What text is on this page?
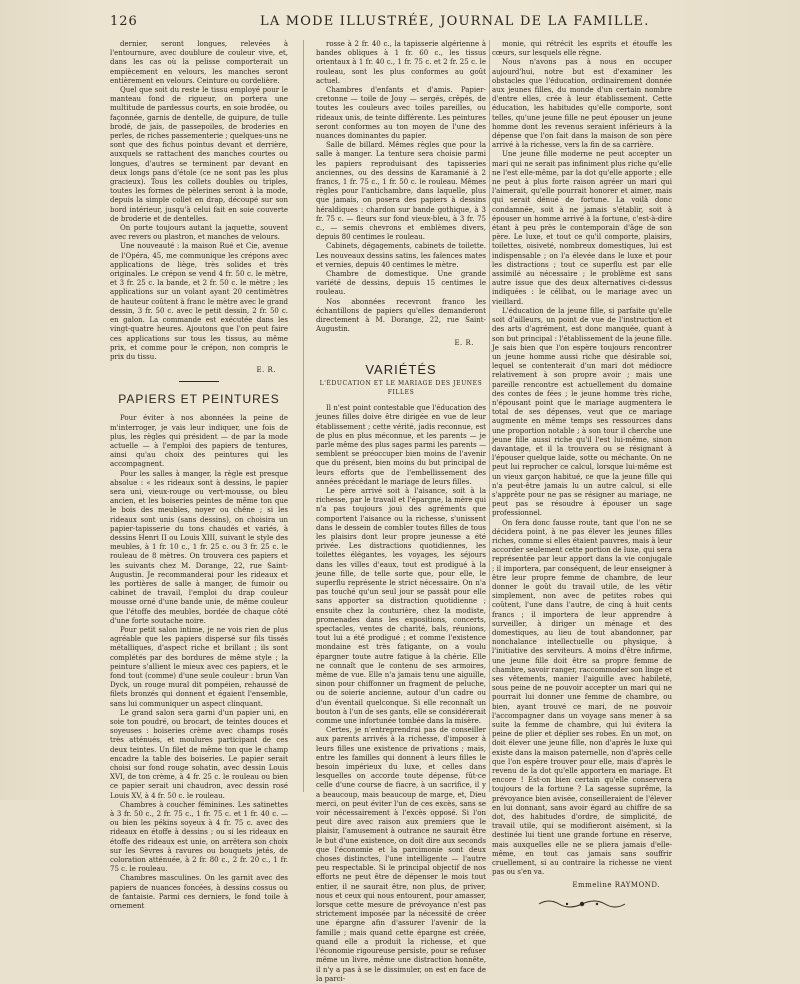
126	LA MODE ILLUSTRÉE, JOURNAL DE LA FAMILLE.

dernier, seront longues, relevées à l'entournure, avec doublure de couleur vive, et, dans les cas où la pelisse comporterait un empiècement en velours, les manches seront entièrement en velours. Ceinture ou cordelière.

Quel que soit du reste le tissu employé pour le manteau fond de rigueur, on portera une multitude de pardessus courts, en soie brodée, ou façonnée, garnis de dentelle, de guipure, de tulle brodé, de jais, de passepoiles, de broderies en perles, de riches passementerie ; quelques-uns ne sont que des fichus pointus devant et derrière, auxquels se rattachent des manches courtes ou longues, d'autres se terminent par devant en deux longs pans d'étole (ce ne sont pas les plus gracieux). Tous les collets doubles ou triples, toutes les formes de pèlerines seront à la mode, depuis la simple collet en drap, découpé sur son bord intérieur, jusqu'à celui fait en soie couverte de broderie et de dentelles.

On porte toujours autant la jaquette, souvent avec revers ou plastron, et manches de velours.

Une nouveauté : la maison Rué et Cie, avenue de l'Opéra, 45, me communique les crépons avec applications de liège, très solides et très originales. Le crépon se vend 4 fr. 50 c. le mètre, et 3 fr. 25 c. la bande, et 2 fr. 50 c. le mètre ; les applications sur un volant ayant 20 centimètres de hauteur coûtent à franc le mètre avec le grand dessin, 3 fr. 50 c. avec le petit dessin, 2 fr. 50 c. en galon. La commande est exécutée dans les vingt-quatre heures. Ajoutons que l'on peut faire ces applications sur tous les tissus, au même prix, et comme pour le crépon, non compris le prix du tissu.

E. R.
PAPIERS ET PEINTURES

Pour éviter à nos abonnées la peine de m'interroger, je vais leur indiquer, une fois de plus, les règles qui président — de par la mode actuelle — à l'emploi des papiers de tentures, ainsi qu'au choix des peintures qui les accompagnent.

Pour les salles à manger, la règle est presque absolue : « les rideaux sont à dessins, le papier sera uni, vieux-rouge ou vert-mousse, ou bleu ancien, et les boiseries peintes de même ton que le bois des meubles, noyer ou chêne ; si les rideaux sont unis (sans dessins), on choisira un papier-tapisserie du tons chaudés et variés, à dessins Henri II ou Louis XIII, suivant le style des meubles, à 1 fr. 10 c., 1 fr. 25 c. ou 3 fr. 25 c. le rouleau de 8 mètres. On trouvera ces papiers et les suivants chez M. Dorange, 22, rue Saint-Augustin. Je recommanderai pour les rideaux et les portières de salle à manger, de fumoir ou cabinet de travail, l'emploi du drap couleur mousse orné d'une bande unie, de même couleur que l'étoffe des meubles, bordée de chaque côté d'une forte soutache noire.

Pour petit salon intime, je ne vois rien de plus agréable que les papiers dispersé sur fils tissés métalliques, d'aspect riche et brillant ; ils sont complétés par des bordures de même style ; la peinture s'allient le mieux avec ces papiers, et le fond tout (comme) d'une seule couleur : brun Van Dyck, un rouge mural dit pompéien, rehaussé de filets bronzés qui donnent et égaient l'ensemble, sans lui communiquer un aspect clinquant.

Le grand salon sera garni d'un papier uni, en soie ton poudré, ou brocart, de teintes douces et soyeuses : boiseries crème avec champs rosés très atténués, et moulures participant de ces deux teintes. Un filet de même ton que le champ encadre la table des boiseries. Le papier serait choisi sur fond rouge sohatin, avec dessin Louis XVI, de ton crème, à 4 fr. 25 c. le rouleau ou bien ce papier serait uni chaudron, avec dessin rosé Louis XV, à 4 fr. 50 c. le rouleau.

Chambres à coucher féminines. Les satinettes à 3 fr. 50 c., 2 fr. 75 c., 1 fr. 75 c. et 1 fr. 40 c. — ou bien les pékins soyeux à 4 fr. 75 c. avec des rideaux en étoffe à dessins ; ou si les rideaux en étoffe des rideaux est unie, on arrêtera son choix sur les Sèvres à ravures ou bouquets jetés, de coloration atténuée, à 2 fr. 80 c., 2 fr. 20 c., 1 fr. 75 c. le rouleau.

Chambres masculines. On les garnit avec des papiers de nuances foncées, à dessins cossus ou de fantaisie. Parmi ces derniers, le fond toile à ornement

rosse à 2 fr. 40 c., la tapisserie algérienne à bandes obliques à 1 fr. 60 c., les tissus orientaux à 1 fr. 40 c., 1 fr. 75 c. et 2 fr. 25 c. le rouleau, sont les plus conformes au goût actuel.

Chambres d'enfants et d'amis. Papier-cretonne — toile de Jouy — sergés, crêpés, de toutes les couleurs avec toiles pareilles, ou rideaux unis, de teinte différente. Les peintures seront conformes au ton moyen de l'une des nuances dominantes du papier.

Salle de billard. Mêmes règles que pour la salle à manger. La tenture sera choisie parmi les papiers reproduisant des tapisseries anciennes, ou des dessins de Karamanié à 2 francs, 1 fr. 75 c., 1 fr. 50 c. le rouleau. Mêmes règles pour l'antichambre, dans laquelle, plus que jamais, on posera des papiers à dessins héraldiques : chardon sur bande gothique, à 3 fr. 75 c. — fleurs sur fond vieux-bleu, à 3 fr. 75 c., — semis chevrons et emblèmes divers, depuis 80 centimes le rouleau.

Cabinets, dégagements, cabinets de toilette. Les nouveaux dessins satins, les faïences mates et vernies, depuis 40 centimes le mètre.

Chambre de domestique. Une grande variété de dessins, depuis 15 centimes le rouleau.

Nos abonnées recevront franco les échantillons de papiers qu'elles demanderont directement à M. Dorange, 22, rue Saint-Augustin.

E. R.
VARIÉTÉS
L'ÉDUCATION ET LE MARIAGE DES JEUNES FILLES

Il n'est point contestable que l'éducation des jeunes filles doive être dirigée en vue de leur établissement ; cette vérité, jadis reconnue, est de plus en plus méconnue, et les parents — je parle même des plus sages parmi les parents — semblent se préoccuper bien moins de l'avenir que du présent, bien moins du but principal de leurs efforts que de l'embellissement des années précédant le mariage de leurs filles.

Le père arrivé soit à l'aisance, soit à la richesse, par le travail et l'épargne, la mère qui n'a pas toujours joui des agréments que comportent l'aisance ou la richesse, s'unissent dans le dessein de combler toutes filles de tous les plaisirs dont leur propre jeunesse a été privée. Les distractions quotidiennes, les toilettes élégantes, les voyages, les séjours dans les villes d'eaux, tout est prodigué à la jeune fille, de telle sorte que, pour elle, le superflu représente le strict nécessaire. On n'a pas touché qu'un seul jour se passât pour elle sans apporter sa distraction quotidienne ; ensuite chez la couturière, chez la modiste, promenades dans les expositions, concerts, spectacles, ventes de charité, bals, réunions, tout lui a été prodigué ; et comme l'existence mondaine est très fatigante, on a voulu épargner toute autre fatigue à la chérie. Elle ne connaît que le contenu de ses armoires, même de vue. Elle n'a jamais tenu une aiguille, sinon pour chiffonner un fragment de peluche, ou de soierie ancienne, autour d'un cadre ou d'un éventail quelconque. Si elle reconnaît un bouton à l'un de ses gants, elle se considérerait comme une infortunée tombée dans la misère.

Certes, je n'entreprendrai pas de conseiller aux parents arrivés à la richesse, d'imposer à leurs filles une existence de privations ; mais, entre les familles qui donnent à leurs filles le besoin impérieux du luxe, et celles dans lesquelles on accorde toute dépense, fût-ce celle d'une course de fiacre, à un sacrifice, il y a beaucoup, mais beaucoup de marge, et, Dieu merci, on peut éviter l'un de ces excès, sans se voir nécessairement à l'excès opposé. Si l'on peut dire avec raison aux premiers que le plaisir, l'amusement à outrance ne saurait être le but d'une existence, on doit dire aux seconds que l'économie et la parcimonie sont deux choses distinctes, l'une intelligente — l'autre peu respectable. Si le principal objectif de nos efforts ne peut être de dépenser le mois tout entier, il ne saurait être, non plus, de priver, nous et ceux qui nous entourent, pour amasser, lorsque cette mesure de prévoyance n'est pas strictement imposée par la nécessité de créer une épargne afin d'assurer l'avenir de la famille ; mais quand cette épargne est créée, quand elle a produit la richesse, et que l'économie rigoureuse persiste, pour se refuser même un livre, même une distraction honnête, il n'y a pas à se le dissimuler, on est en face de la parci-

monie, qui rétrécit les esprits et étouffe les cœurs, sur lesquels elle règne.

Nous n'avons pas à nous en occuper aujourd'hui, notre but est d'examiner les obstacles que l'éducation, ordinairement donnée aux jeunes filles, du monde d'un certain nombre d'entre elles, crée à leur établissement. Cette éducation, les habitudes qu'elle comporte, sont telles, qu'une jeune fille ne peut épouser un jeune homme dont les revenus seraient inférieurs à la dépense que l'on fait dans la maison de son père arrivé à la richesse, vers la fin de sa carrière.

Une jeune fille moderne ne peut accepter un mari qui ne serait pas infiniment plus riche qu'elle ne l'est elle-même, par la dot qu'elle apporte ; elle ne peut à plus forte raison agréer un mari qui l'aimerait, qu'elle pourrait honorer et aimer, mais qui serait dénué de fortune. La voilà donc condamnée, soit à ne jamais s'établir, soit à épouser un homme arrivé à la fortune, c'est-à-dire étant à peu près le contemporain d'âge de son père. Le luxe, et tout ce qu'il comporte, plaisirs, toilettes, oisiveté, nombreux domestiques, lui est indispensable ; on l'a élevée dans le luxe et pour les distractions ; tout ce superflu est par elle assimilé au nécessaire ; le problème est sans autre issue que des deux alternatives ci-dessus indiquées : le célibat, ou le mariage avec un vieillard.

L'éducation de la jeune fille, si parfaite qu'elle soit d'ailleurs, un point de vue de l'instruction et des arts d'agrément, est donc manquée, quant à son but principal : l'établissement de la jeune fille. Je sais bien que l'on espère toujours rencontrer un jeune homme aussi riche que désirable soi, lequel se contenterait d'un mari dot médiocre relativement à son propre avoir ; mais une pareille rencontre est actuellement du domaine des contes de fées ; le jeune homme très riche, n'épousant point que le mariage augmentera le total de ses dépenses, veut que ce mariage augmente en même temps ses ressources dans une proportion notable ; à son tour il cherche une jeune fille aussi riche qu'il l'est lui-même, sinon davantage, et il la trouvera ou se résignant à l'épouser quelque laide, sotte ou méchante. On ne peut lui reprocher ce calcul, lorsque lui-même est un vieux garçon habitué, ce que la jeune fille qui n'a peut-être jamais lu un autre calcul, si elle s'apprête pour ne pas se résigner au mariage, ne peut pas se résoudre à épouser un sage professionnel.

On fera donc fausse route, tant que l'on ne se décidera point, à ne pas élever les jeunes filles riches, comme si elles étaient pauvres, mais à leur accorder seulement cette portion de luxe, qui sera représentée par leur apport dans la vie conjugale ; il importera, par conséquent, de leur enseigner à être leur propre femme de chambre, de leur donner le goût du travail utile, de les vêtir simplement, non avec de petites robes qui coûtent, l'une dans l'autre, de cinq à huit cents francs ; il importera de leur apprendre à surveiller, à diriger un ménage et des domestiques, au lieu de tout abandonner, par nonchalance intellectuelle ou physique, à l'initiative des serviteurs. A moins d'être infirme, une jeune fille doit être sa propre femme de chambre, savoir ranger, raccommoder son linge et ses vêtements, manier l'aiguille avec habileté, sous peine de ne pouvoir accepter un mari qui ne pourrait lui donner une femme de chambre, ou bien, ayant trouvé ce mari, de ne pouvoir l'accompagner dans un voyage sans mener à sa suite la femme de chambre, qui lui évitera la peine de plier et déplier ses robes. En un mot, on doit élever une jeune fille, non d'après le luxe qui existe dans la maison paternelle, non d'après celle que l'on espère trouver pour elle, mais d'après le revenu de la dot qu'elle apportera en mariage. Et encore ! Est-on bien certain qu'elle conservera toujours de la fortune ? La sagesse suprême, la prévoyance bien avisée, conseilleraient de l'élever en lui donnant, sans avoir égard au chiffre de sa dot, des habitudes d'ordre, de simplicité, de travail utile, qui se modifieront aisément, si la destinée lui tient une grande fortune en réserve, mais auxquelles elle ne se pliera jamais d'elle-même, en tout cas jamais sans souffrir cruellement, si au contraire la richesse ne vient pas ou s'en va.

Emmeline RAYMOND.
